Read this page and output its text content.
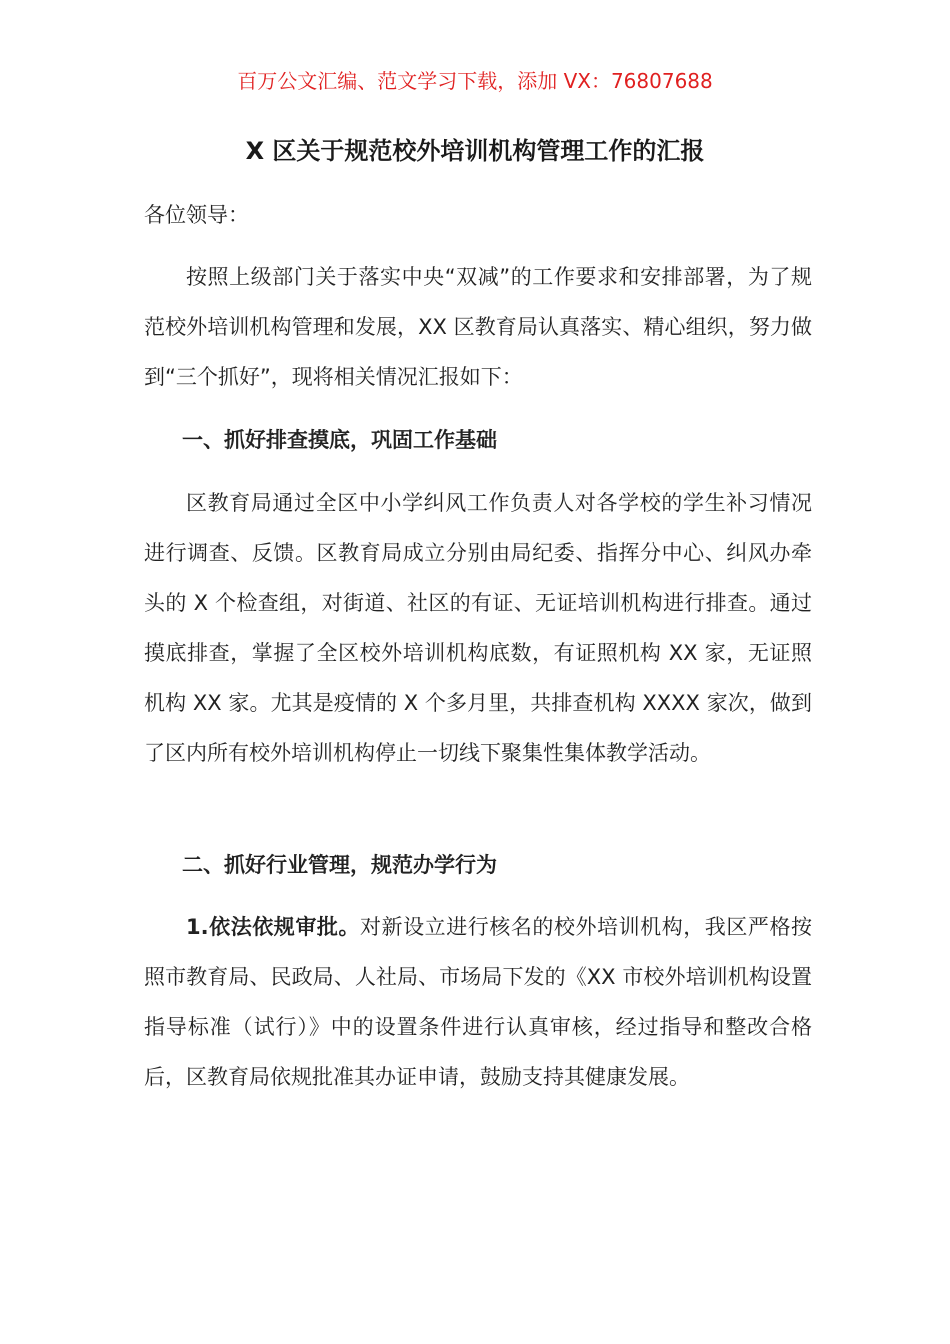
百万公文汇编、范文学习下载，添加 VX：76807688
X 区关于规范校外培训机构管理工作的汇报
各位领导：

按照上级部门关于落实中央“双减”的工作要求和安排部署，为了规范校外培训机构管理和发展，XX 区教育局认真落实、精心组织，努力做到“三个抓好”，现将相关情况汇报如下：

一、抓好排查摸底，巩固工作基础

区教育局通过全区中小学纠风工作负责人对各学校的学生补习情况进行调查、反馈。区教育局成立分别由局纪委、指挥分中心、纠风办牵头的 X 个检查组，对街道、社区的有证、无证培训机构进行排查。通过摸底排查，掌握了全区校外培训机构底数，有证照机构 XX 家，无证照机构 XX 家。尤其是疫情的 X 个多月里，共排查机构 XXXX 家次，做到了区内所有校外培训机构停止一切线下聚集性集体教学活动。

二、抓好行业管理，规范办学行为

1.依法依规审批。对新设立进行核名的校外培训机构，我区严格按照市教育局、民政局、人社局、市场局下发的《XX 市校外培训机构设置指导标准（试行）》中的设置条件进行认真审核，经过指导和整改合格后，区教育局依规批准其办证申请，鼓励支持其健康发展。
